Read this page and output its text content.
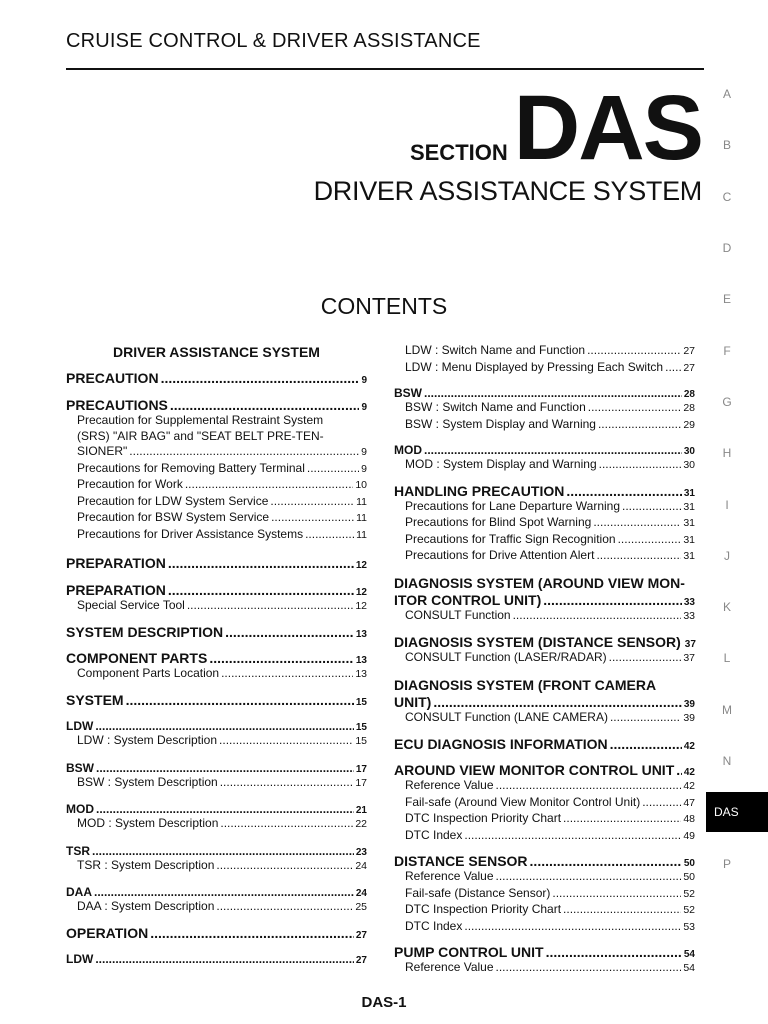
CRUISE CONTROL & DRIVER ASSISTANCE
SECTIONDAS
DRIVER ASSISTANCE SYSTEM
CONTENTS
DRIVER ASSISTANCE SYSTEM
PRECAUTION .....	9
PRECAUTIONS .....	9
Precaution for Supplemental Restraint System
(SRS) "AIR BAG" and "SEAT BELT PRE-TEN-
SIONER" .....	9
Precautions for Removing Battery Terminal .....	9
Precaution for Work .....	10
Precaution for LDW System Service .....	11
Precaution for BSW System Service .....	11
Precautions for Driver Assistance Systems .....	11
PREPARATION .....	12
PREPARATION .....	12
Special Service Tool .....	12
SYSTEM DESCRIPTION .....	13
COMPONENT PARTS .....	13
Component Parts Location .....	13
SYSTEM .....	15
LDW .....	15
LDW : System Description .....	15
BSW .....	17
BSW : System Description .....	17
MOD .....	21
MOD : System Description .....	22
TSR .....	23
TSR : System Description .....	24
DAA .....	24
DAA : System Description .....	25
OPERATION .....	27
LDW .....	27
LDW : Switch Name and Function .....	27
LDW : Menu Displayed by Pressing Each Switch ..... 27
BSW .....	28
BSW : Switch Name and Function .....	28
BSW : System Display and Warning .....	29
MOD .....	30
MOD : System Display and Warning .....	30
HANDLING PRECAUTION .....	31
Precautions for Lane Departure Warning .....	31
Precautions for Blind Spot Warning .....	31
Precautions for Traffic Sign Recognition .....	31
Precautions for Drive Attention Alert .....	31
DIAGNOSIS SYSTEM (AROUND VIEW MON-
ITOR CONTROL UNIT) .....	33
CONSULT Function .....	33
DIAGNOSIS SYSTEM (DISTANCE SENSOR) 37
CONSULT Function (LASER/RADAR) .....	37
DIAGNOSIS SYSTEM (FRONT CAMERA
UNIT) .....	39
CONSULT Function (LANE CAMERA) .....	39
ECU DIAGNOSIS INFORMATION .....	42
AROUND VIEW MONITOR CONTROL UNIT ..... 42
Reference Value .....	42
Fail-safe (Around View Monitor Control Unit) .....	47
DTC Inspection Priority Chart .....	48
DTC Index .....	49
DISTANCE SENSOR .....	50
Reference Value .....	50
Fail-safe (Distance Sensor) .....	52
DTC Inspection Priority Chart .....	52
DTC Index .....	53
PUMP CONTROL UNIT .....	54
Reference Value .....	54
A
B
C
D
E
F
G
H
I
J
K
L
M
N
DAS
P
DAS-1
